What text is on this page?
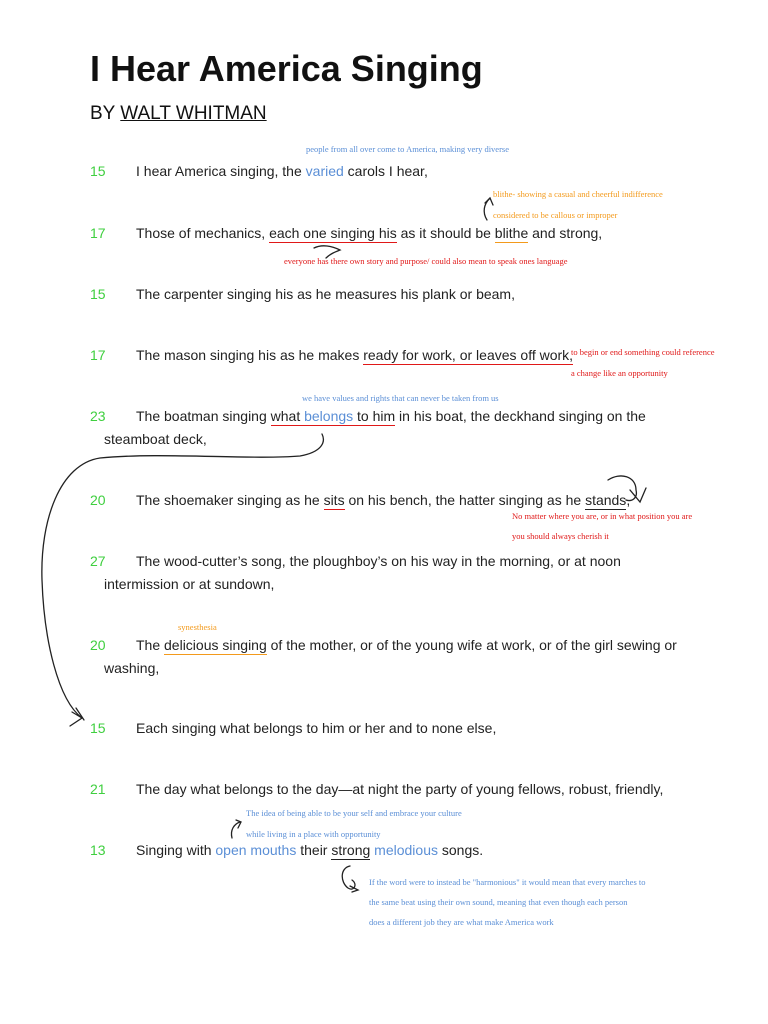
I Hear America Singing
BY WALT WHITMAN
people from all over come to America, making very diverse
15 I hear America singing, the varied carols I hear,
blithe- showing a casual and cheerful indifference
considered to be callous or improper
17 Those of mechanics, each one singing his as it should be blithe and strong,
everyone has there own story and purpose/ could also mean to speak ones language
15 The carpenter singing his as he measures his plank or beam,
17 The mason singing his as he makes ready for work, or leaves off work,
to begin or end something could reference
a change like an opportunity
we have values and rights that can never be taken from us
23 The boatman singing what belongs to him in his boat, the deckhand singing on the
steamboat deck,
20 The shoemaker singing as he sits on his bench, the hatter singing as he stands,
No matter where you are, or in what position you are
you should always cherish it
27 The wood-cutter’s song, the ploughboy’s on his way in the morning, or at noon
intermission or at sundown,
synesthesia
20 The delicious singing of the mother, or of the young wife at work, or of the girl sewing or
washing,
15 Each singing what belongs to him or her and to none else,
21 The day what belongs to the day—at night the party of young fellows, robust, friendly,
The idea of being able to be your self and embrace your culture
while living in a place with opportunity
13 Singing with open mouths their strong melodious songs.
If the word were to instead be "harmonious" it would mean that every marches to
the same beat using their own sound, meaning that even though each person
does a different job they are what make America work
